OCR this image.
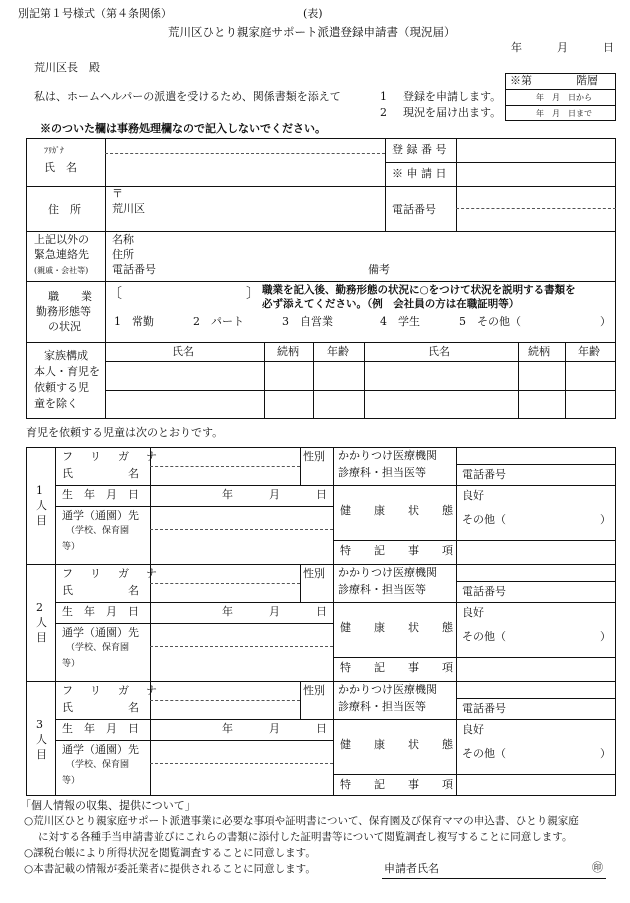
別記第１号様式（第４条関係）	(表)
荒川区ひとり親家庭サポート派遣登録申請書（現況届）
年	月	日
荒川区長　殿
※第　　　　階層
年　月　日から
年　月　日まで
私は、ホームヘルパーの派遣を受けるため、関係書類を添えて	1 登録を申請します。
2 現況を届け出ます。
※のついた欄は事務処理欄なので記入しないでください。
ﾌﾘｶﾞﾅ
氏　名
登 録 番 号
※ 申 請 日
住　所
〒
荒川区	電話番号
上記以外の
緊急連絡先
(親戚・会社等)
名称
住所
電話番号	備考
職　　業
勤務形態等
の状況
〔	〕 職業を記入後、勤務形態の状況に○をつけて状況を説明する書類を
必ず添えてください。（例　会社員の方は在職証明等）
1　常勤	2　パート	3　自営業	4　学生	5　その他（	）
家族構成
本人・育児を
依頼する児
童を除く
氏名	続柄	年齢	氏名	続柄	年齢
育児を依頼する児童は次のとおりです。
1
人
目
フ　リ　ガ　ナ
氏　　　　　名
性別
生　年　月　日	年	月	日
通学（通園）先
（学校、保育園
等）
かかりつけ医療機関
診療科・担当医等	電話番号
健　康　状　態
良好
その他（	）
特　記　事　項
2
人
目
フ　リ　ガ　ナ
氏　　　　　名
性別
生　年　月　日	年	月	日
通学（通園）先
（学校、保育園
等）
かかりつけ医療機関
診療科・担当医等	電話番号
健　康　状　態
良好
その他（	）
特　記　事　項
3
人
目
フ　リ　ガ　ナ
氏　　　　　名
性別
生　年　月　日	年	月	日
通学（通園）先
（学校、保育園
等）
かかりつけ医療機関
診療科・担当医等	電話番号
健　康　状　態
良好
その他（	）
特　記　事　項
「個人情報の収集、提供について」
○荒川区ひとり親家庭サポート派遣事業に必要な事項や証明書について、保育園及び保育ママの申込書、ひとり親家庭
に対する各種手当申請書並びにこれらの書類に添付した証明書等について閲覧調査し複写することに同意します。
○課税台帳により所得状況を閲覧調査することに同意します。
○本書記載の情報が委託業者に提供されることに同意します。	申請者氏名	㊞
